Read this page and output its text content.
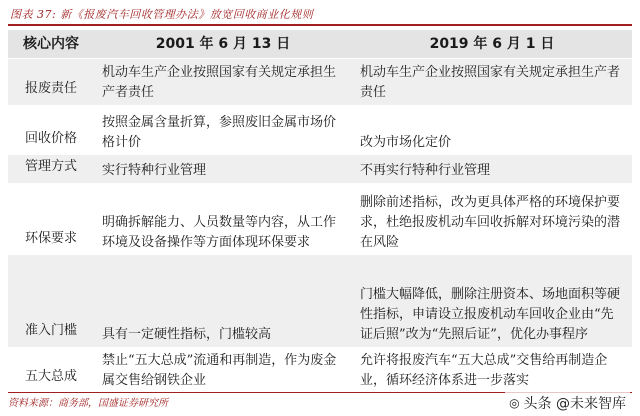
图表 37: 新《报废汽车回收管理办法》放宽回收商业化规则
核心内容	2001 年 6 月 13 日	2019 年 6 月 1 日
报废责任	机动车生产企业按照国家有关规定承担生产者责任	机动车生产企业按照国家有关规定承担生产者责任
回收价格	按照金属含量折算，参照废旧金属市场价格计价	改为市场化定价
管理方式	实行特种行业管理	不再实行特种行业管理
环保要求	明确拆解能力、人员数量等内容，从工作环境及设备操作等方面体现环保要求	删除前述指标，改为更具体严格的环境保护要求，杜绝报废机动车回收拆解对环境污染的潜在风险
准入门槛	具有一定硬性指标，门槛较高	门槛大幅降低，删除注册资本、场地面积等硬性指标，申请设立报废机动车回收企业由“先证后照”改为“先照后证”，优化办事程序
五大总成	禁止“五大总成”流通和再制造，作为废金属交售给钢铁企业	允许将报废汽车“五大总成”交售给再制造企业，循环经济体系进一步落实
资料来源：商务部，国盛证券研究所	◎ 头条 @未来智库
